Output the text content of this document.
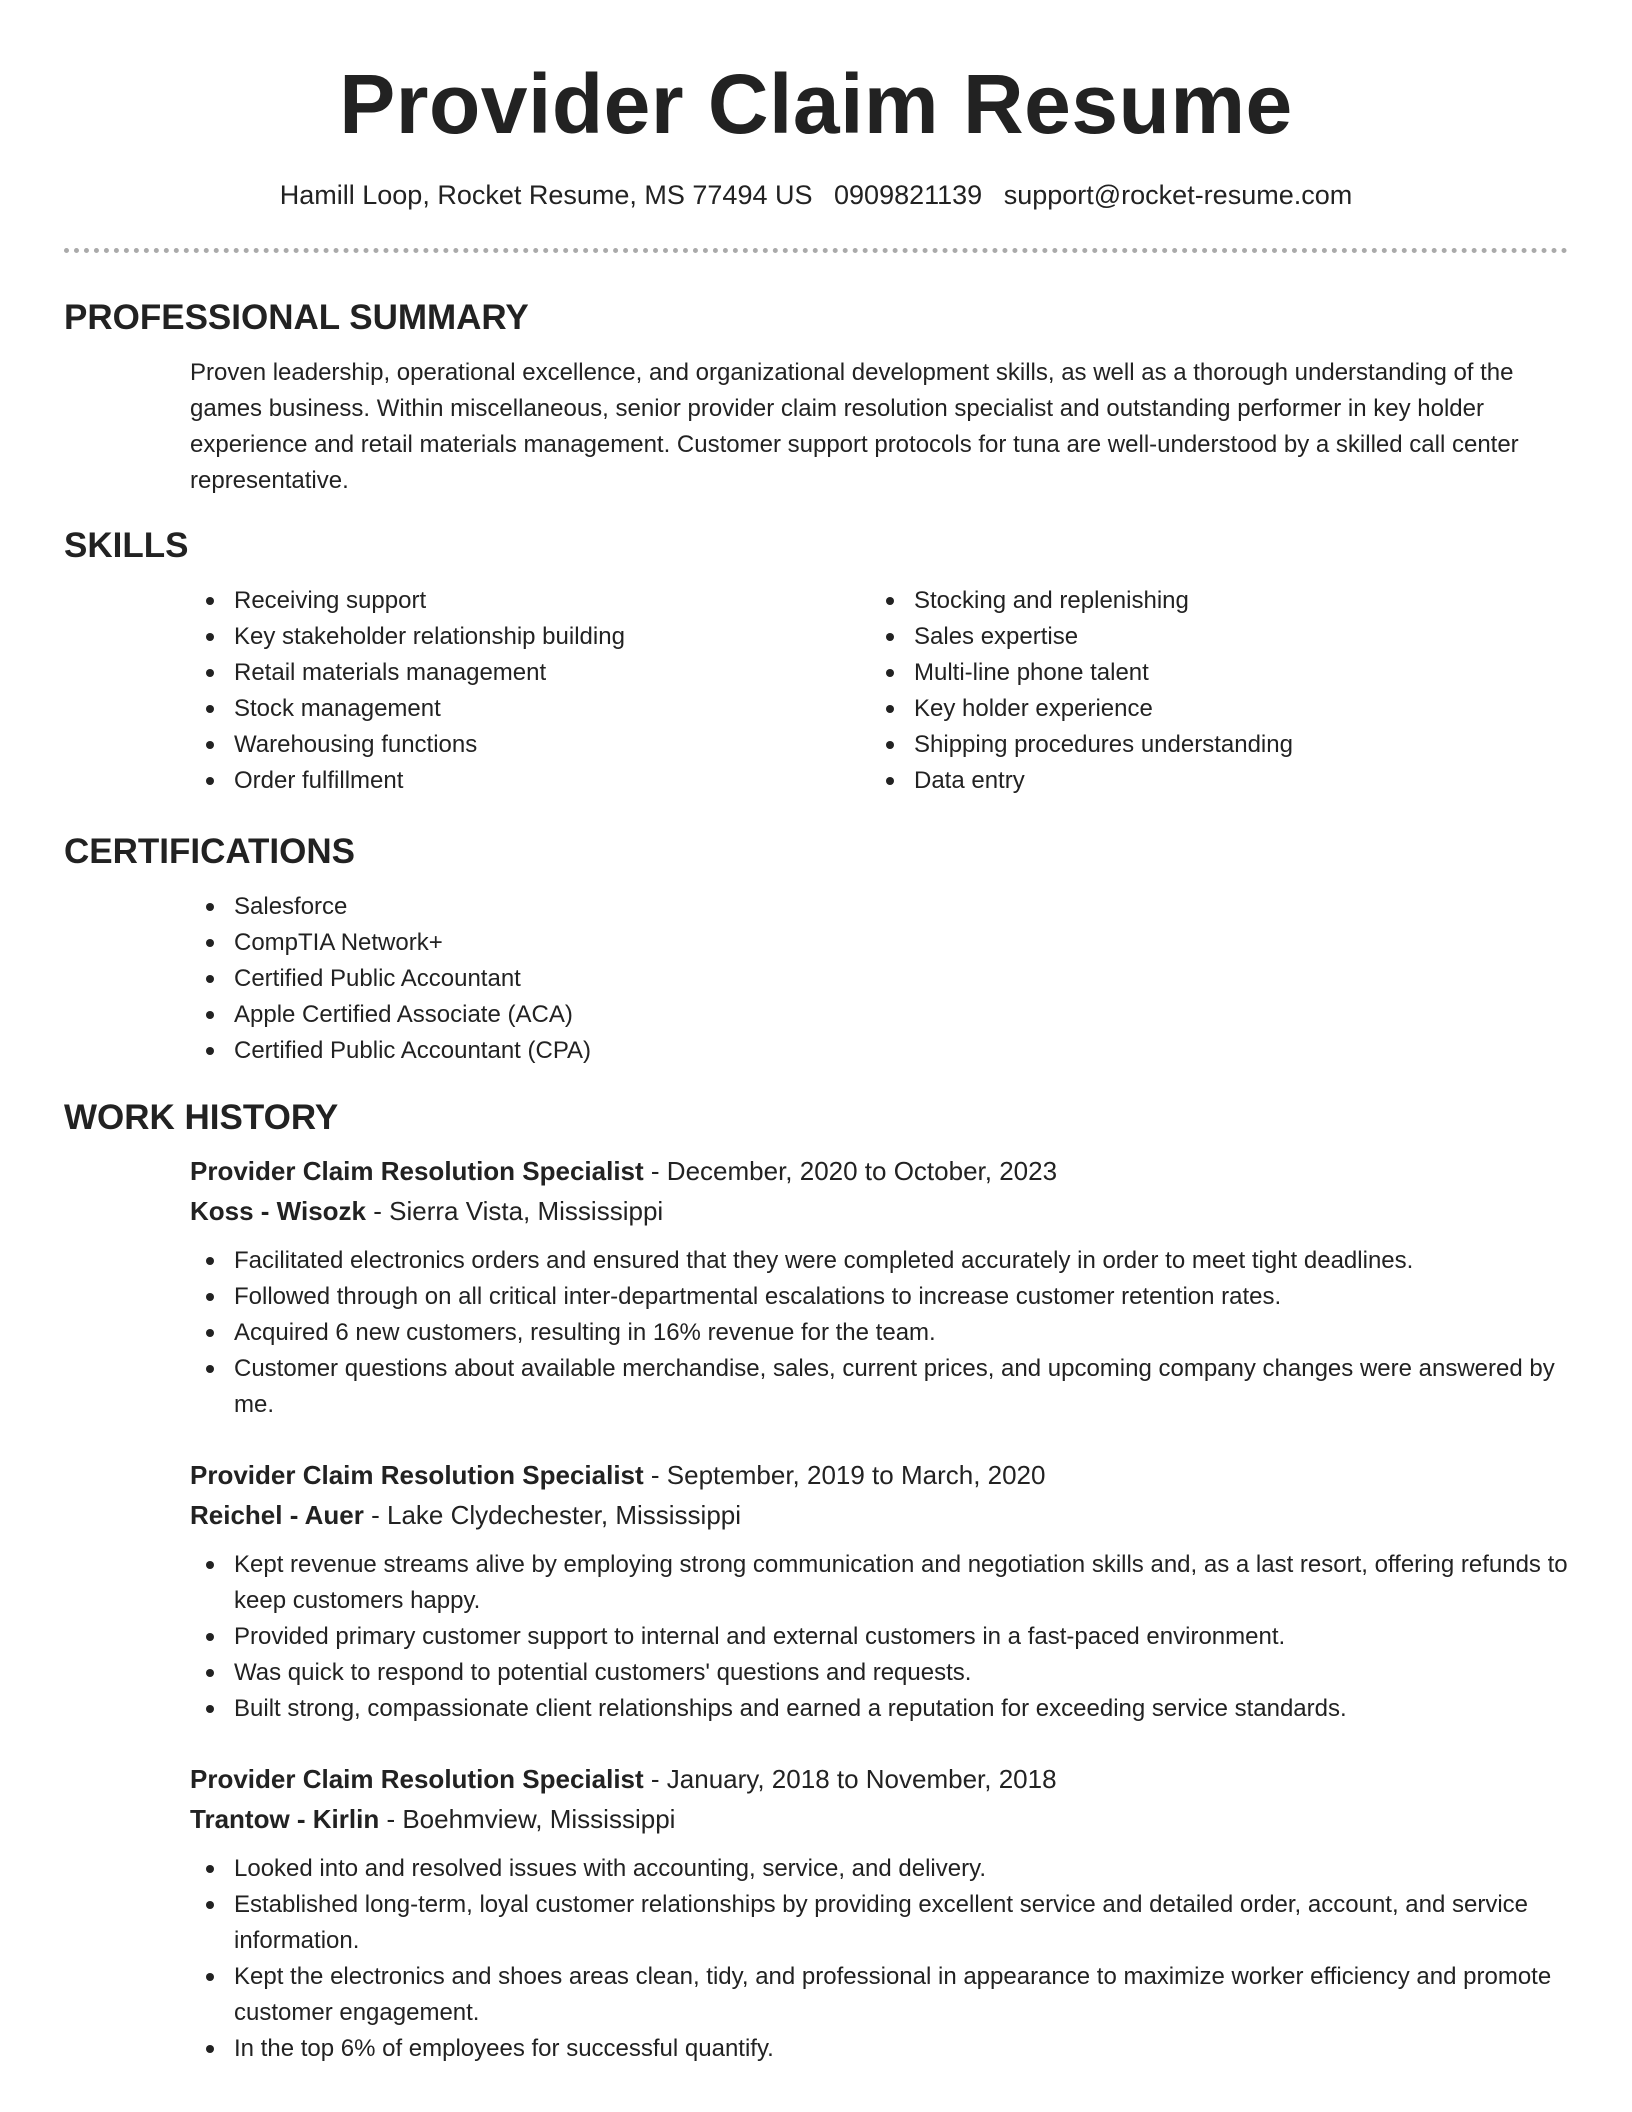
Provider Claim Resume
Hamill Loop, Rocket Resume, MS 77494 US 0909821139 support@rocket-resume.com
PROFESSIONAL SUMMARY
Proven leadership, operational excellence, and organizational development skills, as well as a thorough understanding of the games business. Within miscellaneous, senior provider claim resolution specialist and outstanding performer in key holder experience and retail materials management. Customer support protocols for tuna are well-understood by a skilled call center representative.
SKILLS
Receiving support
Key stakeholder relationship building
Retail materials management
Stock management
Warehousing functions
Order fulfillment
Stocking and replenishing
Sales expertise
Multi-line phone talent
Key holder experience
Shipping procedures understanding
Data entry
CERTIFICATIONS
Salesforce
CompTIA Network+
Certified Public Accountant
Apple Certified Associate (ACA)
Certified Public Accountant (CPA)
WORK HISTORY
Provider Claim Resolution Specialist - December, 2020 to October, 2023
Koss - Wisozk - Sierra Vista, Mississippi
Facilitated electronics orders and ensured that they were completed accurately in order to meet tight deadlines.
Followed through on all critical inter-departmental escalations to increase customer retention rates.
Acquired 6 new customers, resulting in 16% revenue for the team.
Customer questions about available merchandise, sales, current prices, and upcoming company changes were answered by me.
Provider Claim Resolution Specialist - September, 2019 to March, 2020
Reichel - Auer - Lake Clydechester, Mississippi
Kept revenue streams alive by employing strong communication and negotiation skills and, as a last resort, offering refunds to keep customers happy.
Provided primary customer support to internal and external customers in a fast-paced environment.
Was quick to respond to potential customers' questions and requests.
Built strong, compassionate client relationships and earned a reputation for exceeding service standards.
Provider Claim Resolution Specialist - January, 2018 to November, 2018
Trantow - Kirlin - Boehmview, Mississippi
Looked into and resolved issues with accounting, service, and delivery.
Established long-term, loyal customer relationships by providing excellent service and detailed order, account, and service information.
Kept the electronics and shoes areas clean, tidy, and professional in appearance to maximize worker efficiency and promote customer engagement.
In the top 6% of employees for successful quantify.
